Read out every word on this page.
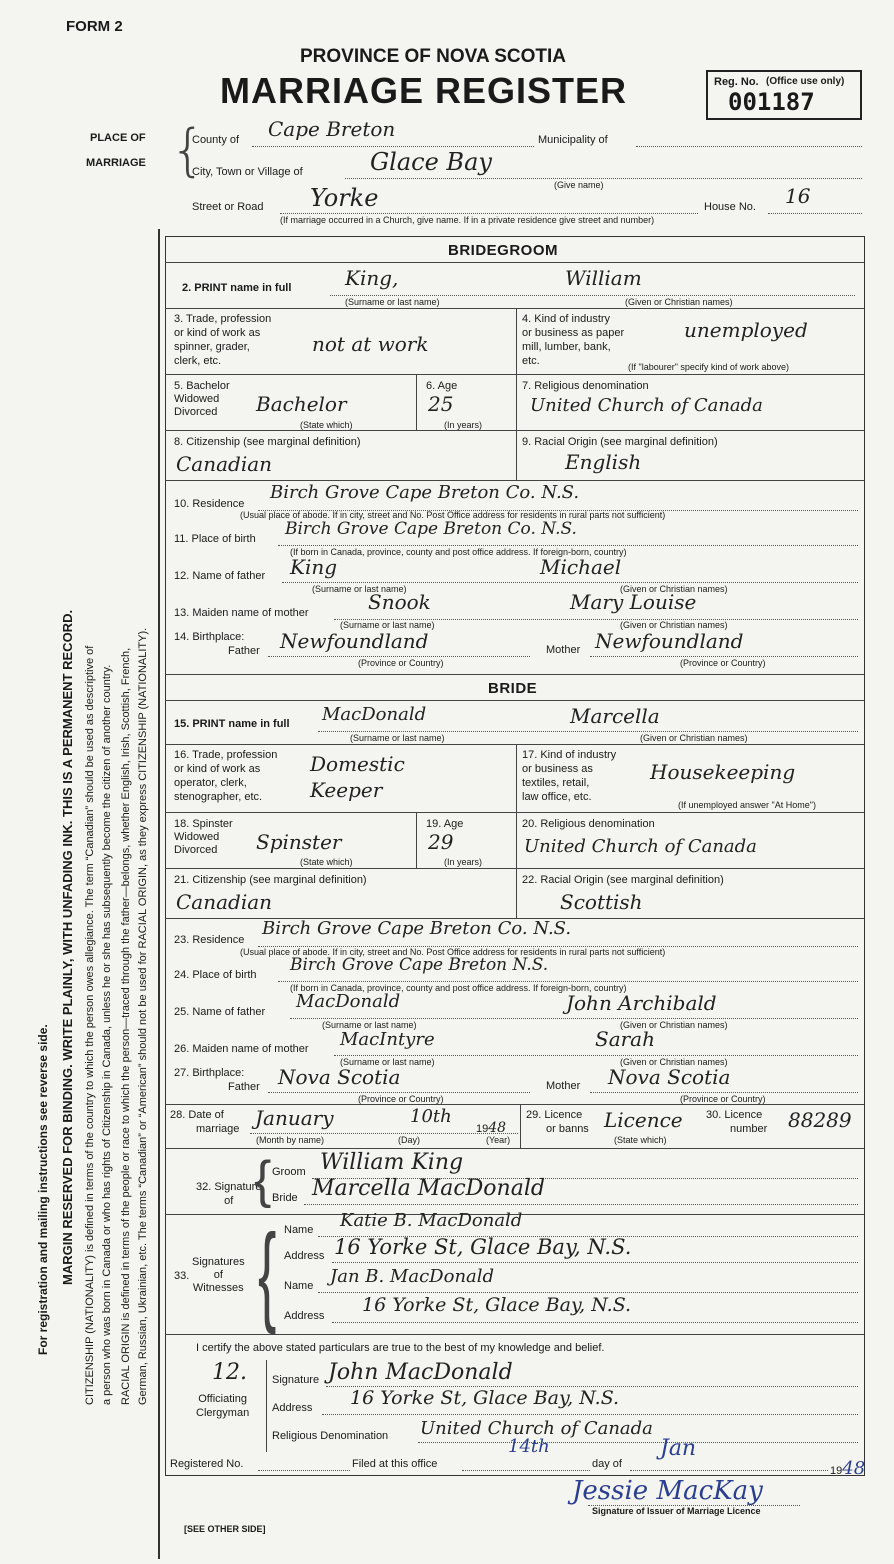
For registration and mailing instructions see reverse side. MARGIN RESERVED FOR BINDING. WRITE PLAINLY, WITH UNFADING INK. THIS IS A PERMANENT RECORD. CITIZENSHIP (NATIONALITY) is defined in terms of the country to which the person owes allegiance. The term “Canadian” should be used as descriptive of a person who was born in Canada or who has rights of Citizenship in Canada, unless he or she has subsequently become the citizen of another country. RACIAL ORIGIN is defined in terms of the people or race to which the person—traced through the father—belongs, whether English, Irish, Scottish, French, German, Russian, Ukrainian, etc. The terms “Canadian” or “American” should not be used for RACIAL ORIGIN, as they express CITIZENSHIP (NATIONALITY).
FORM 2
PROVINCE OF NOVA SCOTIA
MARRIAGE REGISTER	Reg. No. (Office use only)
001187
PLACE OF
MARRIAGE {
County of Cape Breton	Municipality of
City, Town or Village of	Glace Bay
(Give name)
Street or Road Yorke	House No. 16
(If marriage occurred in a Church, give name. If in a private residence give street and number)
BRIDEGROOM
2. PRINT name in full	King,	William
(Surname or last name)	(Given or Christian names)
3. Trade, profession
or kind of work as
spinner, grader,
clerk, etc.
not at work
4. Kind of industry
or business as paper
mill, lumber, bank,
etc.
unemployed
(If "labourer" specify kind of work above)
5. Bachelor
Widowed
Divorced	Bachelor
(State which)
6. Age
25
(In years)
7. Religious denomination
United Church of Canada
8. Citizenship (see marginal definition)
Canadian
9. Racial Origin (see marginal definition)
English
10. Residence
Birch Grove Cape Breton Co. N.S.
(Usual place of abode. If in city, street and No. Post Office address for residents in rural parts not sufficient)
11. Place of birth Birch Grove Cape Breton Co. N.S.
(If born in Canada, province, county and post office address. If foreign-born, country)
12. Name of father King	Michael
(Surname or last name)	(Given or Christian names)
13. Maiden name of mother	Snook	Mary Louise
(Surname or last name)	(Given or Christian names)
14. Birthplace:
Father Newfoundland	Mother Newfoundland
(Province or Country)	(Province or Country)
BRIDE
15. PRINT name in full MacDonald	Marcella
(Surname or last name)	(Given or Christian names)
16. Trade, profession
or kind of work as
operator, clerk,
stenographer, etc.
Domestic
Keeper
17. Kind of industry
or business as
textiles, retail,
law office, etc.
Housekeeping
(If unemployed answer "At Home")
18. Spinster
Widowed
Divorced	Spinster
(State which)
19. Age
29
(In years)
20. Religious denomination
United Church of Canada
21. Citizenship (see marginal definition)
Canadian
22. Racial Origin (see marginal definition)
Scottish
23. Residence
Birch Grove Cape Breton Co. N.S.
(Usual place of abode. If in city, street and No. Post Office address for residents in rural parts not sufficient)
24. Place of birth Birch Grove Cape Breton N.S.
(If born in Canada, province, county and post office address. If foreign-born, country)
25. Name of father MacDonald	John Archibald
(Surname or last name)	(Given or Christian names)
26. Maiden name of mother MacIntyre	Sarah
(Surname or last name)	(Given or Christian names)
27. Birthplace:
Father Nova Scotia	Mother Nova Scotia
(Province or Country)	(Province or Country)
28. Date of
marriage January	10th
1948
(Month by name)	(Day)	(Year)
29. Licence
or banns Licence
(State which)
30. Licence
number 88289
32. Signature
of { Groom William King
Bride Marcella MacDonald
Signatures
of
Witnesses
33. { Name Katie B. MacDonald
Address 16 Yorke St, Glace Bay, N.S.
Name Jan B. MacDonald
Address 16 Yorke St, Glace Bay, N.S.
I certify the above stated particulars are true to the best of my knowledge and belief.
12.
Officiating
Clergyman
Signature John MacDonald
Address 16 Yorke St, Glace Bay, N.S.
Religious Denomination United Church of Canada
Registered No.	Filed at this office
14th
day of
Jan
1948
Jessie MacKay
Signature of Issuer of Marriage Licence
[SEE OTHER SIDE]
